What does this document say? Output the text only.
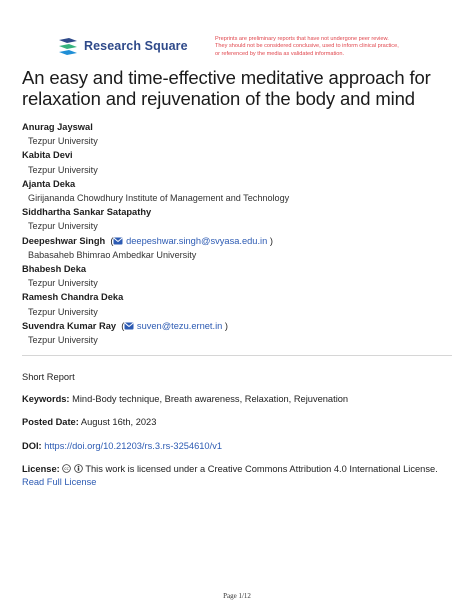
Research Square	Preprints are preliminary reports that have not undergone peer review.
They should not be considered conclusive, used to inform clinical practice,
or referenced by the media as validated information.
An easy and time-effective meditative approach for
relaxation and rejuvenation of the body and mind
Anurag Jayswal
Tezpur University
Kabita Devi
Tezpur University
Ajanta Deka
Girijananda Chowdhury Institute of Management and Technology
Siddhartha Sankar Satapathy
Tezpur University
Deepeshwar Singh  ( deepeshwar.singh@svyasa.edu.in )
Babasaheb Bhimrao Ambedkar University
Bhabesh Deka
Tezpur University
Ramesh Chandra Deka
Tezpur University
Suvendra Kumar Ray  ( suven@tezu.ernet.in )
Tezpur University
Short Report
Keywords: Mind-Body technique, Breath awareness, Relaxation, Rejuvenation
Posted Date: August 16th, 2023
DOI: https://doi.org/10.21203/rs.3.rs-3254610/v1
License: cc This work is licensed under a Creative Commons Attribution 4.0 International License.
Read Full License
Page 1/12
